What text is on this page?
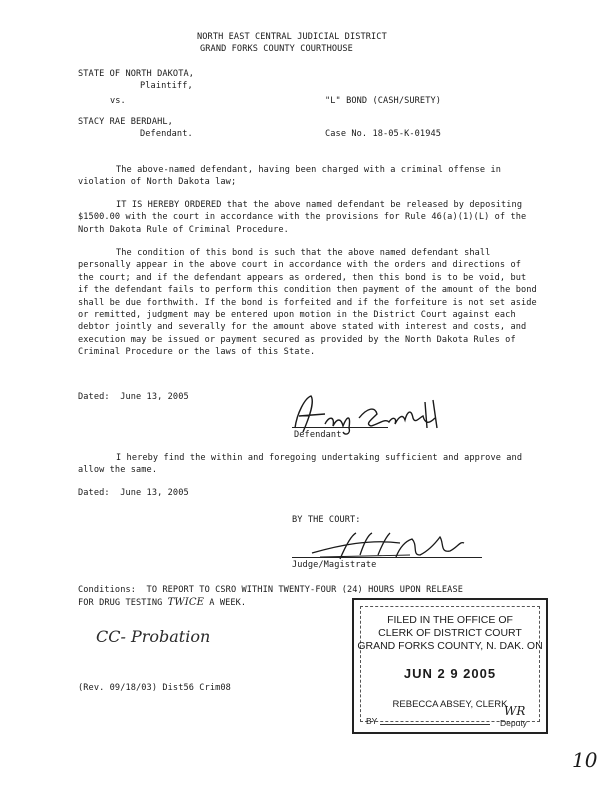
NORTH EAST CENTRAL JUDICIAL DISTRICT
GRAND FORKS COUNTY COURTHOUSE
STATE OF NORTH DAKOTA,
Plaintiff,
vs.	"L" BOND (CASH/SURETY)
STACY RAE BERDAHL,
Defendant.	Case No. 18-05-K-01945

The above-named defendant, having been charged with a criminal offense in violation of North Dakota law;

IT IS HEREBY ORDERED that the above named defendant be released by depositing $1500.00 with the court in accordance with the provisions for Rule 46(a)(1)(L) of the North Dakota Rule of Criminal Procedure.

The condition of this bond is such that the above named defendant shall personally appear in the above court in accordance with the orders and directions of the court; and if the defendant appears as ordered, then this bond is to be void, but if the defendant fails to perform this condition then payment of the amount of the bond shall be due forthwith. If the bond is forfeited and if the forfeiture is not set aside or remitted, judgment may be entered upon motion in the District Court against each debtor jointly and severally for the amount above stated with interest and costs, and execution may be issued or payment secured as provided by the North Dakota Rules of Criminal Procedure or the laws of this State.

Dated:  June 13, 2005
Defendant

I hereby find the within and foregoing undertaking sufficient and approve and allow the same.

Dated:  June 13, 2005
BY THE COURT:
Judge/Magistrate
Conditions:  TO REPORT TO CSRO WITHIN TWENTY-FOUR (24) HOURS UPON RELEASE
FOR DRUG TESTING TWICE A WEEK.
CC- Probation
(Rev. 09/18/03) Dist56 Crim08
FILED IN THE OFFICE OF
CLERK OF DISTRICT COURT
GRAND FORKS COUNTY, N. DAK. ON
JUN 2 9 2005
REBECCA ABSEY, CLERK
BY
WR
Deputy
10
